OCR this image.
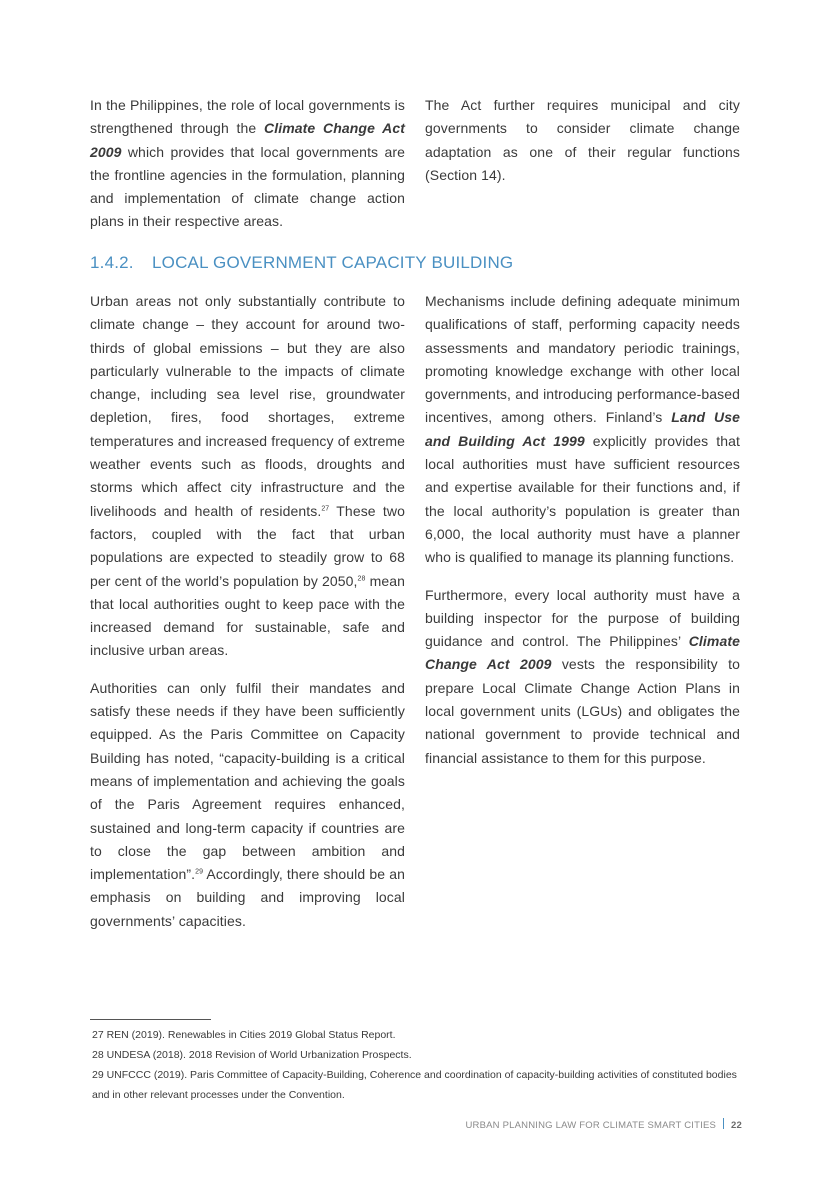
In the Philippines, the role of local governments is strengthened through the Climate Change Act 2009 which provides that local governments are the frontline agencies in the formulation, planning and implementation of climate change action plans in their respective areas.

The Act further requires municipal and city governments to consider climate change adaptation as one of their regular functions (Section 14).

1.4.2. LOCAL GOVERNMENT CAPACITY BUILDING

Urban areas not only substantially contribute to climate change – they account for around two-thirds of global emissions – but they are also particularly vulnerable to the impacts of climate change, including sea level rise, groundwater depletion, fires, food shortages, extreme temperatures and increased frequency of extreme weather events such as floods, droughts and storms which affect city infrastructure and the livelihoods and health of residents.$^{27}$ These two factors, coupled with the fact that urban populations are expected to steadily grow to 68 per cent of the world’s population by 2050,28 mean that local authorities ought to keep pace with the increased demand for sustainable, safe and inclusive urban areas.

Authorities can only fulfil their mandates and satisfy these needs if they have been sufficiently equipped. As the Paris Committee on Capacity Building has noted, “capacity-building is a critical means of implementation and achieving the goals of the Paris Agreement requires enhanced, sustained and long-term capacity if countries are to close the gap between ambition and implementation”.$^{29}$ Accordingly, there should be an emphasis on building and improving local governments’ capacities.

Mechanisms include defining adequate minimum qualifications of staff, performing capacity needs assessments and mandatory periodic trainings, promoting knowledge exchange with other local governments, and introducing performance-based incentives, among others. Finland’s Land Use and Building Act 1999 explicitly provides that local authorities must have sufficient resources and expertise available for their functions and, if the local authority’s population is greater than 6,000, the local authority must have a planner who is qualified to manage its planning functions.

Furthermore, every local authority must have a building inspector for the purpose of building guidance and control. The Philippines’ Climate Change Act 2009 vests the responsibility to prepare Local Climate Change Action Plans in local government units (LGUs) and obligates the national government to provide technical and financial assistance to them for this purpose.

27 REN (2019). Renewables in Cities 2019 Global Status Report.
28 UNDESA (2018). 2018 Revision of World Urbanization Prospects.
29 UNFCCC (2019). Paris Committee of Capacity-Building, Coherence and coordination of capacity-building activities of constituted bodies and in other relevant processes under the Convention.
URBAN PLANNING LAW FOR CLIMATE SMART CITIES 22
